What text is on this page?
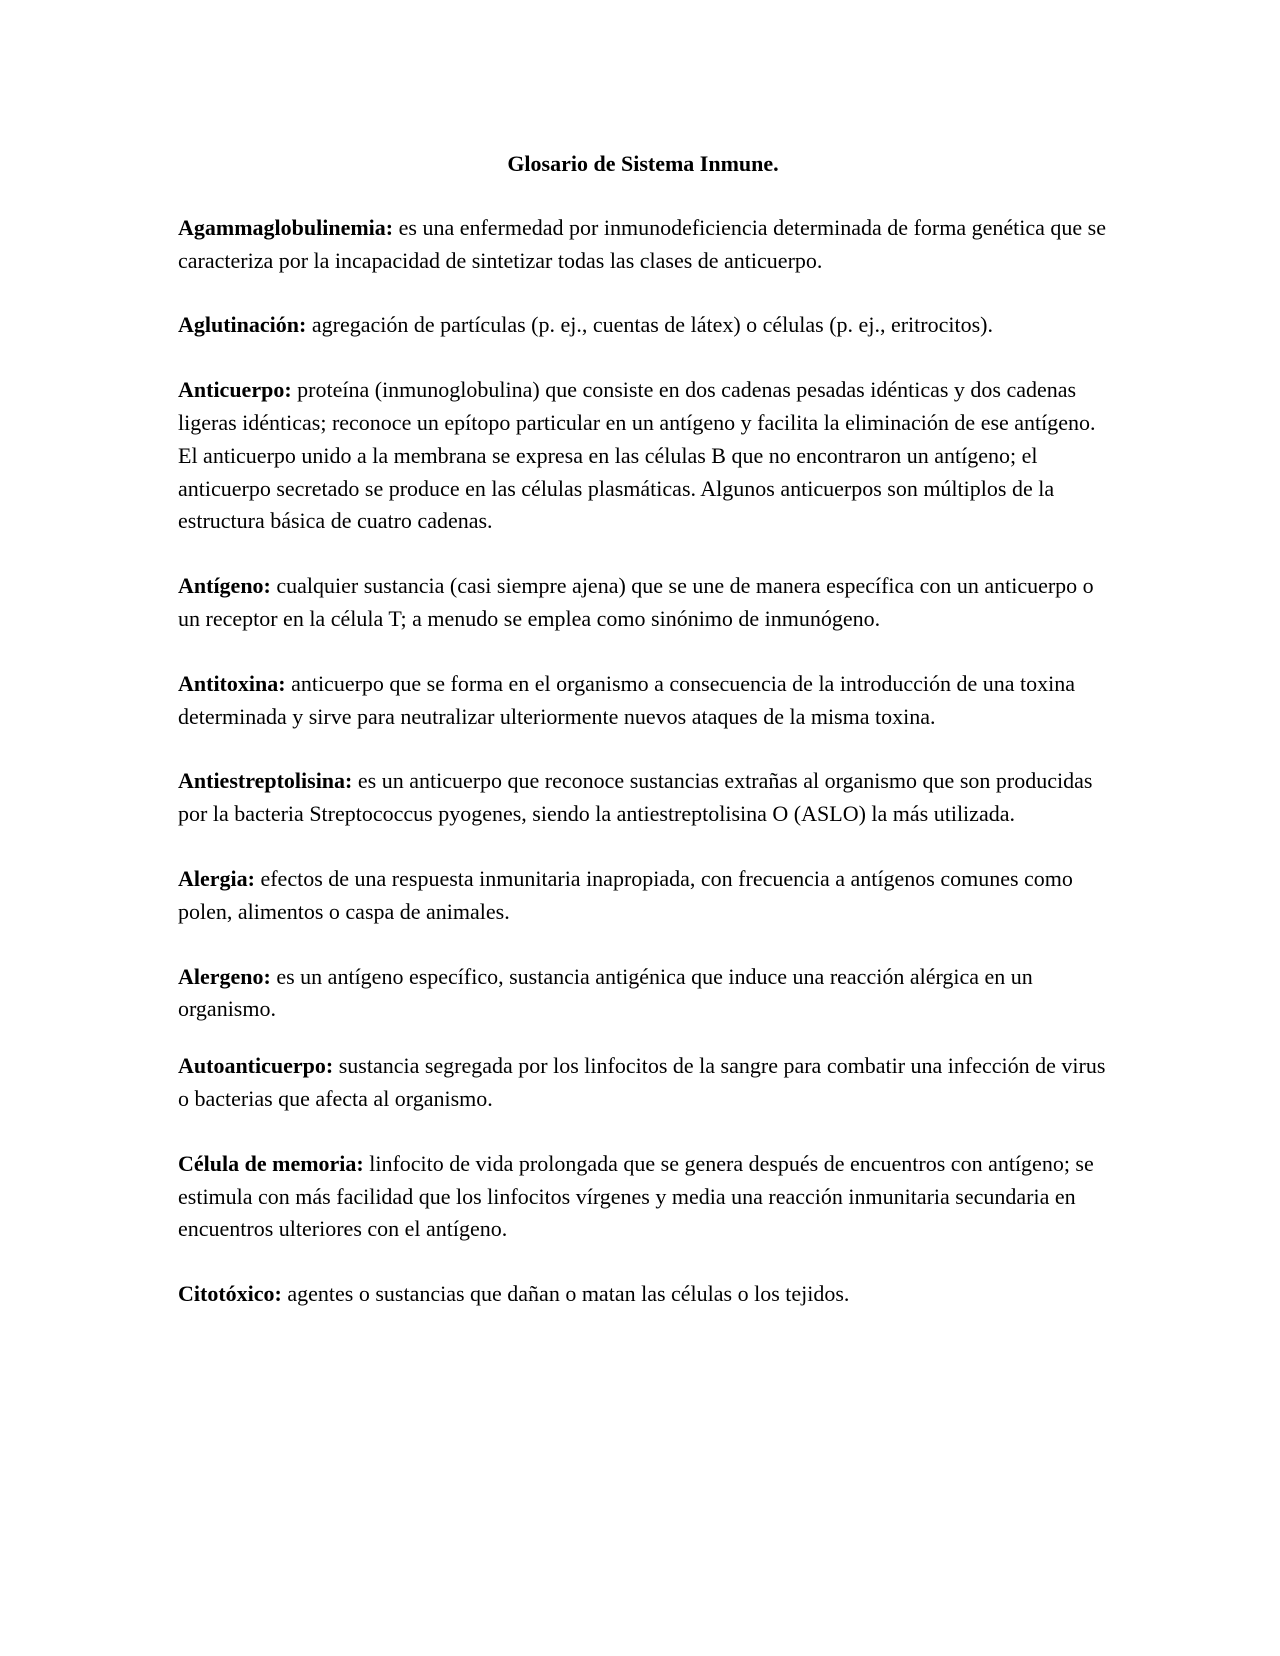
Glosario de Sistema Inmune.

Agammaglobulinemia: es una enfermedad por inmunodeficiencia determinada de forma genética que se caracteriza por la incapacidad de sintetizar todas las clases de anticuerpo.

Aglutinación: agregación de partículas (p. ej., cuentas de látex) o células (p. ej., eritrocitos).

Anticuerpo: proteína (inmunoglobulina) que consiste en dos cadenas pesadas idénticas y dos cadenas ligeras idénticas; reconoce un epítopo particular en un antígeno y facilita la eliminación de ese antígeno. El anticuerpo unido a la membrana se expresa en las células B que no encontraron un antígeno; el anticuerpo secretado se produce en las células plasmáticas. Algunos anticuerpos son múltiplos de la estructura básica de cuatro cadenas.

Antígeno: cualquier sustancia (casi siempre ajena) que se une de manera específica con un anticuerpo o un receptor en la célula T; a menudo se emplea como sinónimo de inmunógeno.

Antitoxina: anticuerpo que se forma en el organismo a consecuencia de la introducción de una toxina determinada y sirve para neutralizar ulteriormente nuevos ataques de la misma toxina.

Antiestreptolisina: es un anticuerpo que reconoce sustancias extrañas al organismo que son producidas por la bacteria Streptococcus pyogenes, siendo la antiestreptolisina O (ASLO) la más utilizada.

Alergia: efectos de una respuesta inmunitaria inapropiada, con frecuencia a antígenos comunes como polen, alimentos o caspa de animales.

Alergeno: es un antígeno específico, sustancia antigénica que induce una reacción alérgica en un organismo.

Autoanticuerpo: sustancia segregada por los linfocitos de la sangre para combatir una infección de virus o bacterias que afecta al organismo.

Célula de memoria: linfocito de vida prolongada que se genera después de encuentros con antígeno; se estimula con más facilidad que los linfocitos vírgenes y media una reacción inmunitaria secundaria en encuentros ulteriores con el antígeno.

Citotóxico: agentes o sustancias que dañan o matan las células o los tejidos.
